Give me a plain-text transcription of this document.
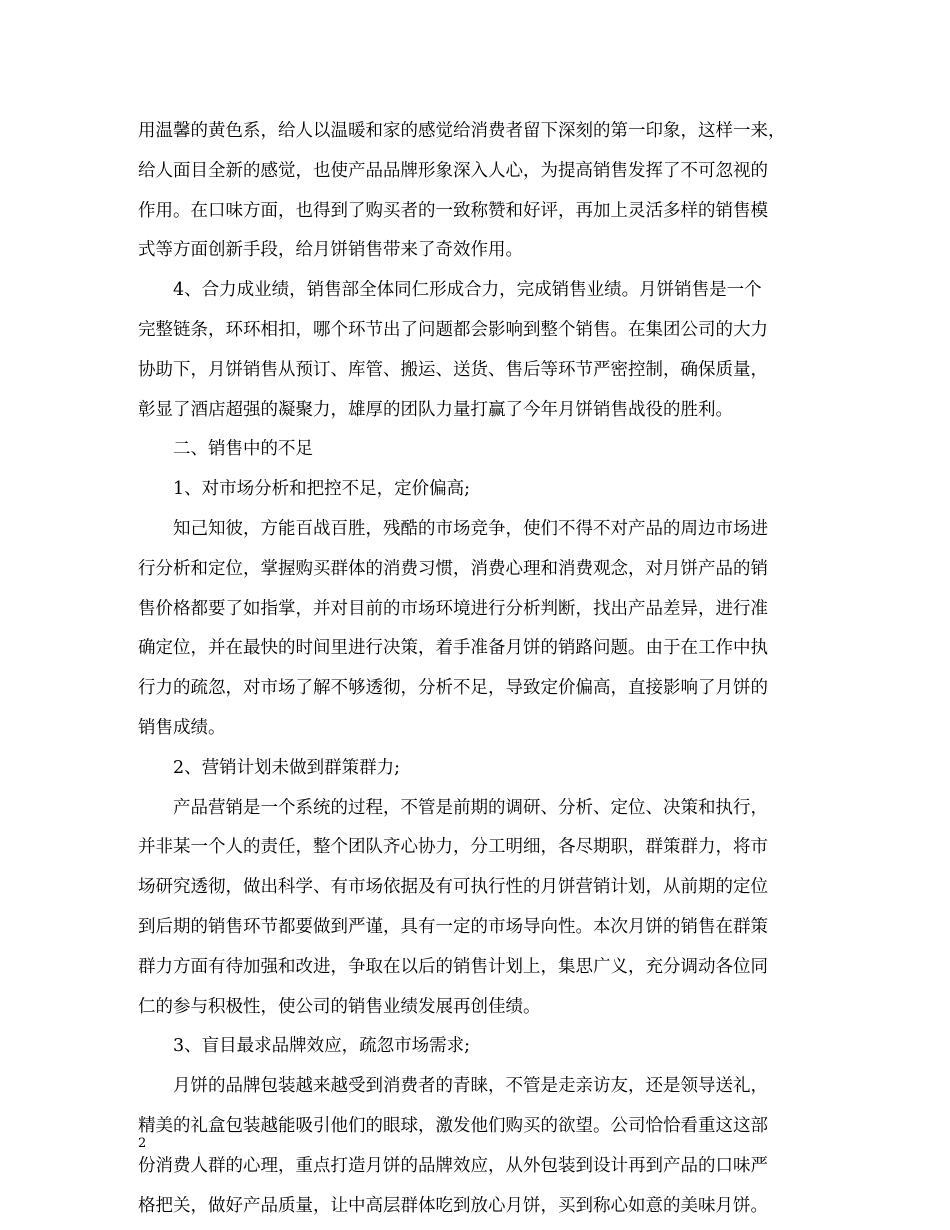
用温馨的黄色系，给人以温暖和家的感觉给消费者留下深刻的第一印象，这样一来，
给人面目全新的感觉，也使产品品牌形象深入人心，为提高销售发挥了不可忽视的
作用。在口味方面，也得到了购买者的一致称赞和好评，再加上灵活多样的销售模
式等方面创新手段，给月饼销售带来了奇效作用。
4、合力成业绩，销售部全体同仁形成合力，完成销售业绩。月饼销售是一个
完整链条，环环相扣，哪个环节出了问题都会影响到整个销售。在集团公司的大力
协助下，月饼销售从预订、库管、搬运、送货、售后等环节严密控制，确保质量，
彰显了酒店超强的凝聚力，雄厚的团队力量打赢了今年月饼销售战役的胜利。
二、销售中的不足
1、对市场分析和把控不足，定价偏高;
知己知彼，方能百战百胜，残酷的市场竞争，使们不得不对产品的周边市场进
行分析和定位，掌握购买群体的消费习惯，消费心理和消费观念，对月饼产品的销
售价格都要了如指掌，并对目前的市场环境进行分析判断，找出产品差异，进行准
确定位，并在最快的时间里进行决策，着手准备月饼的销路问题。由于在工作中执
行力的疏忽，对市场了解不够透彻，分析不足，导致定价偏高，直接影响了月饼的
销售成绩。
2、营销计划未做到群策群力;
产品营销是一个系统的过程，不管是前期的调研、分析、定位、决策和执行，
并非某一个人的责任，整个团队齐心协力，分工明细，各尽期职，群策群力，将市
场研究透彻，做出科学、有市场依据及有可执行性的月饼营销计划，从前期的定位
到后期的销售环节都要做到严谨，具有一定的市场导向性。本次月饼的销售在群策
群力方面有待加强和改进，争取在以后的销售计划上，集思广义，充分调动各位同
仁的参与积极性，使公司的销售业绩发展再创佳绩。
3、盲目最求品牌效应，疏忽市场需求;
月饼的品牌包装越来越受到消费者的青睐，不管是走亲访友，还是领导送礼，
精美的礼盒包装越能吸引他们的眼球，激发他们购买的欲望。公司恰恰看重这这部
份消费人群的心理，重点打造月饼的品牌效应，从外包装到设计再到产品的口味严
格把关，做好产品质量，让中高层群体吃到放心月饼，买到称心如意的美味月饼。
2
